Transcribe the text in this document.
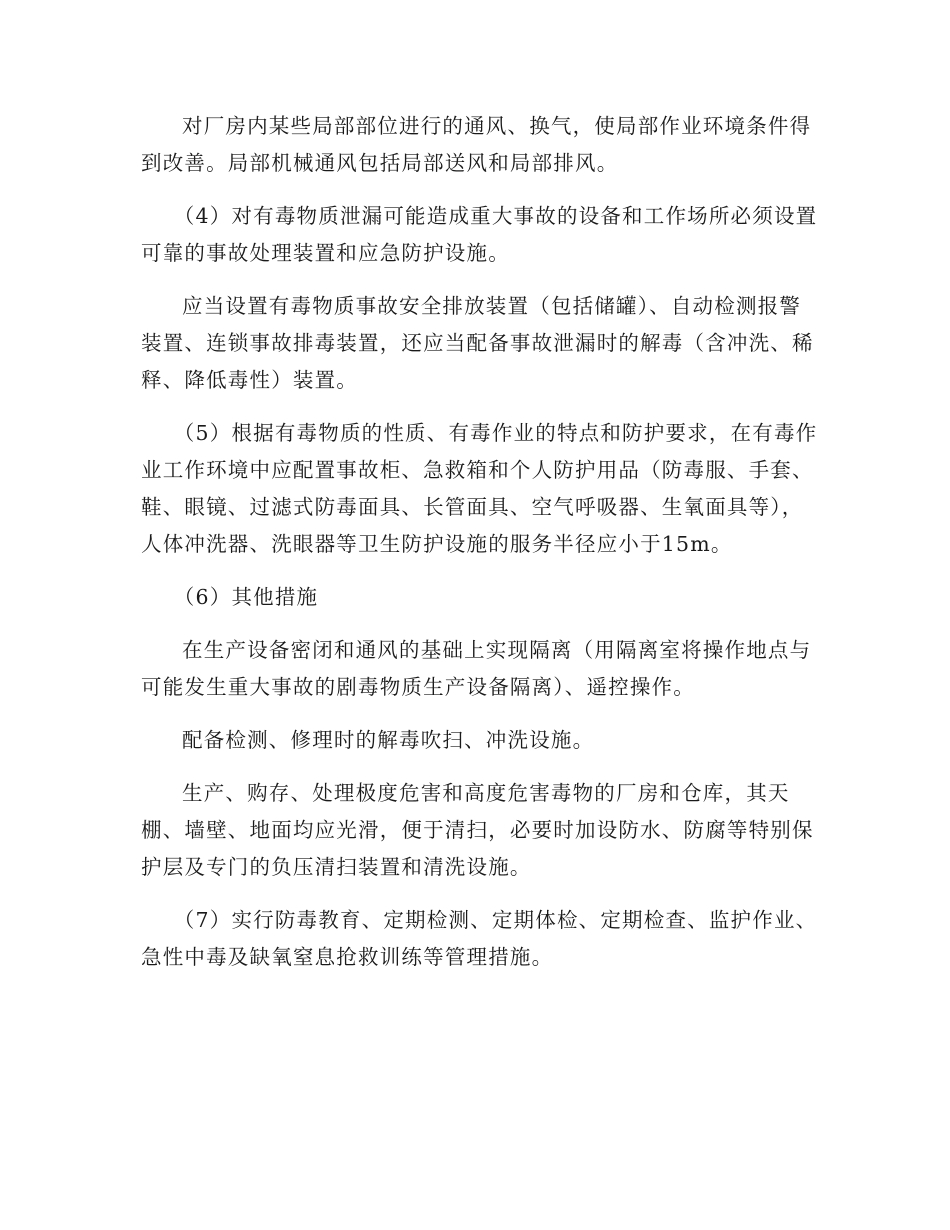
对厂房内某些局部部位进行的通风、换气，使局部作业环境条件得到改善。局部机械通风包括局部送风和局部排风。

（4）对有毒物质泄漏可能造成重大事故的设备和工作场所必须设置可靠的事故处理装置和应急防护设施。

应当设置有毒物质事故安全排放装置（包括储罐）、自动检测报警装置、连锁事故排毒装置，还应当配备事故泄漏时的解毒（含冲洗、稀释、降低毒性）装置。

（5）根据有毒物质的性质、有毒作业的特点和防护要求，在有毒作业工作环境中应配置事故柜、急救箱和个人防护用品（防毒服、手套、鞋、眼镜、过滤式防毒面具、长管面具、空气呼吸器、生氧面具等），人体冲洗器、洗眼器等卫生防护设施的服务半径应小于15m。

（6）其他措施

在生产设备密闭和通风的基础上实现隔离（用隔离室将操作地点与可能发生重大事故的剧毒物质生产设备隔离）、遥控操作。

配备检测、修理时的解毒吹扫、冲洗设施。

生产、购存、处理极度危害和高度危害毒物的厂房和仓库，其天棚、墙壁、地面均应光滑，便于清扫，必要时加设防水、防腐等特别保护层及专门的负压清扫装置和清洗设施。

（7）实行防毒教育、定期检测、定期体检、定期检查、监护作业、急性中毒及缺氧窒息抢救训练等管理措施。
